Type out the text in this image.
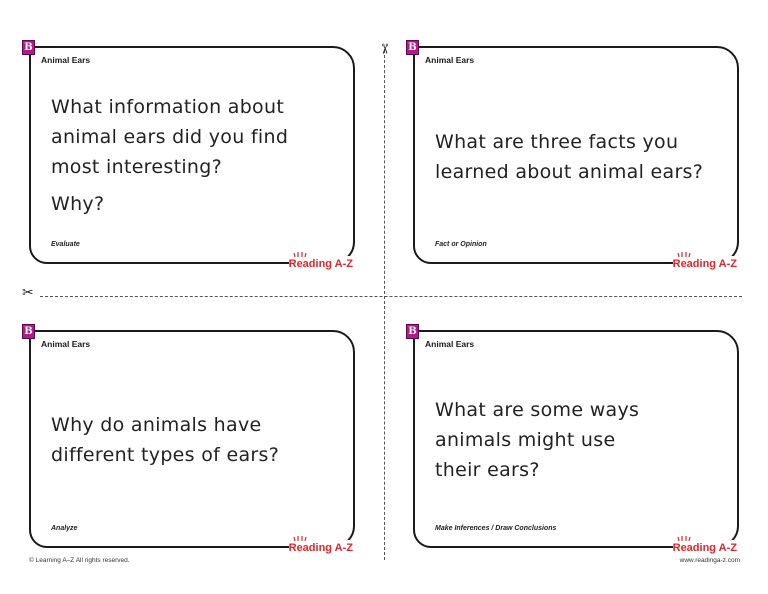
✂
✂
B
Animal Ears
What information about animal ears did you find most interesting?
Why?
Evaluate
Reading A-Z
B
Animal Ears
What are three facts you learned about animal ears?
Fact or Opinion
Reading A-Z
B
Animal Ears
Why do animals have different types of ears?
Analyze
Reading A-Z
B
Animal Ears
What are some ways animals might use their ears?
Make Inferences / Draw Conclusions
Reading A-Z
© Learning A–Z All rights reserved.	www.readinga-z.com
